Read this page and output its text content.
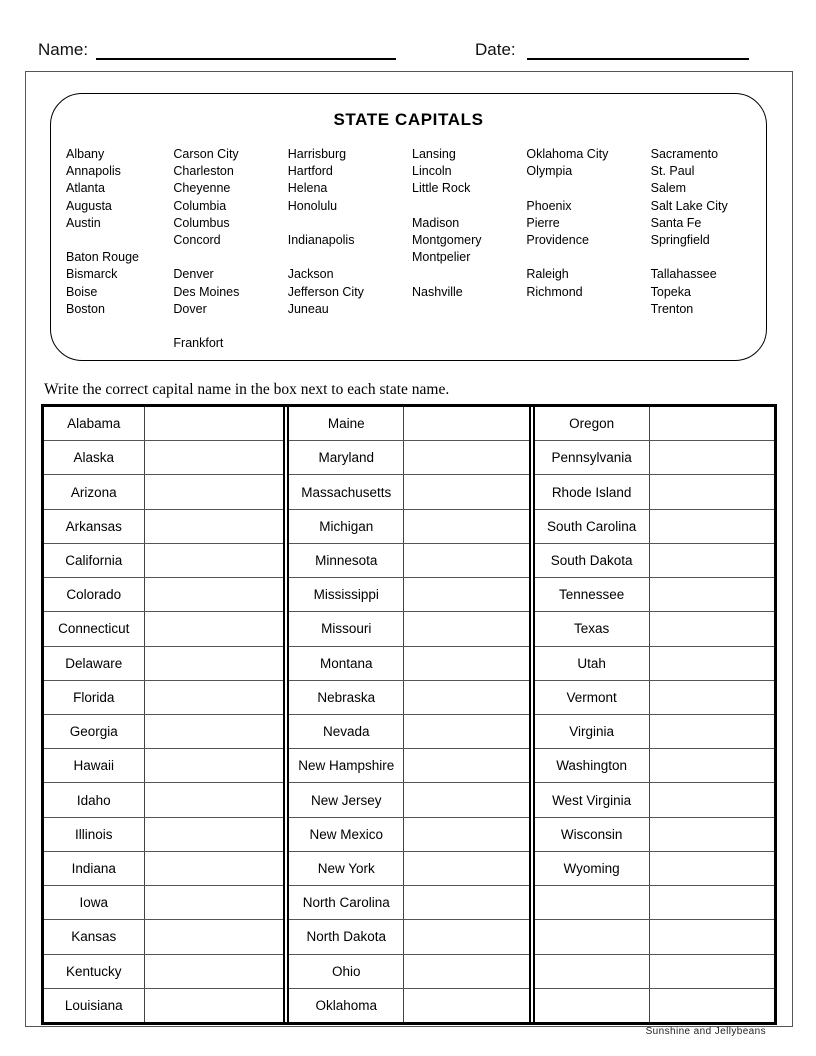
Name:	Date:
STATE CAPITALS
Albany
Annapolis
Atlanta
Augusta
Austin
Baton Rouge
Bismarck
Boise
Boston
Carson City
Charleston
Cheyenne
Columbia
Columbus
Concord
Denver
Des Moines
Dover
Frankfort
Harrisburg
Hartford
Helena
Honolulu
Indianapolis
Jackson
Jefferson City
Juneau
Lansing
Lincoln
Little Rock
Madison
Montgomery
Montpelier
Nashville
Oklahoma City
Olympia
Phoenix
Pierre
Providence
Raleigh
Richmond
Sacramento
St. Paul
Salem
Salt Lake City
Santa Fe
Springfield
Tallahassee
Topeka
Trenton
Write the correct capital name in the box next to each state name.
Alabama
Alaska
Arizona
Arkansas
California
Colorado
Connecticut
Delaware
Florida
Georgia
Hawaii
Idaho
Illinois
Indiana
Iowa
Kansas
Kentucky
Louisiana
Maine
Maryland
Massachusetts
Michigan
Minnesota
Mississippi
Missouri
Montana
Nebraska
Nevada
New Hampshire
New Jersey
New Mexico
New York
North Carolina
North Dakota
Ohio
Oklahoma
Oregon
Pennsylvania
Rhode Island
South Carolina
South Dakota
Tennessee
Texas
Utah
Vermont
Virginia
Washington
West Virginia
Wisconsin
Wyoming
Sunshine and Jellybeans
